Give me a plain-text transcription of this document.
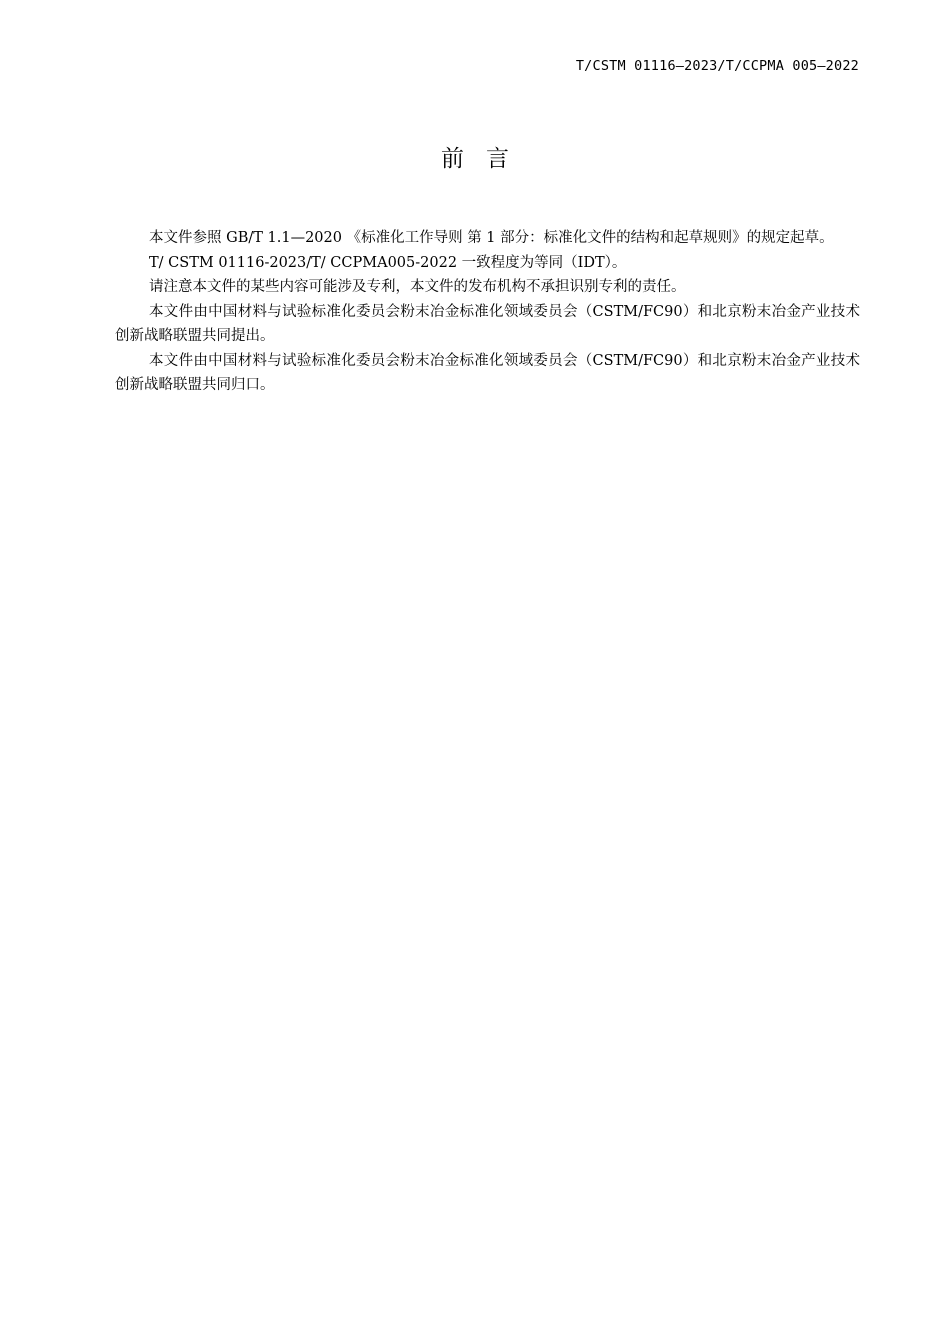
T/CSTM 01116—2023/T/CCPMA 005—2022
前言

本文件参照 GB/T 1.1—2020 《标准化工作导则 第 1 部分：标准化文件的结构和起草规则》的规定起草。

T/ CSTM 01116-2023/T/ CCPMA005-2022 一致程度为等同（IDT）。

请注意本文件的某些内容可能涉及专利，本文件的发布机构不承担识别专利的责任。

本文件由中国材料与试验标准化委员会粉末冶金标准化领域委员会（CSTM/FC90）和北京粉末冶金产业技术创新战略联盟共同提出。

本文件由中国材料与试验标准化委员会粉末冶金标准化领域委员会（CSTM/FC90）和北京粉末冶金产业技术创新战略联盟共同归口。
